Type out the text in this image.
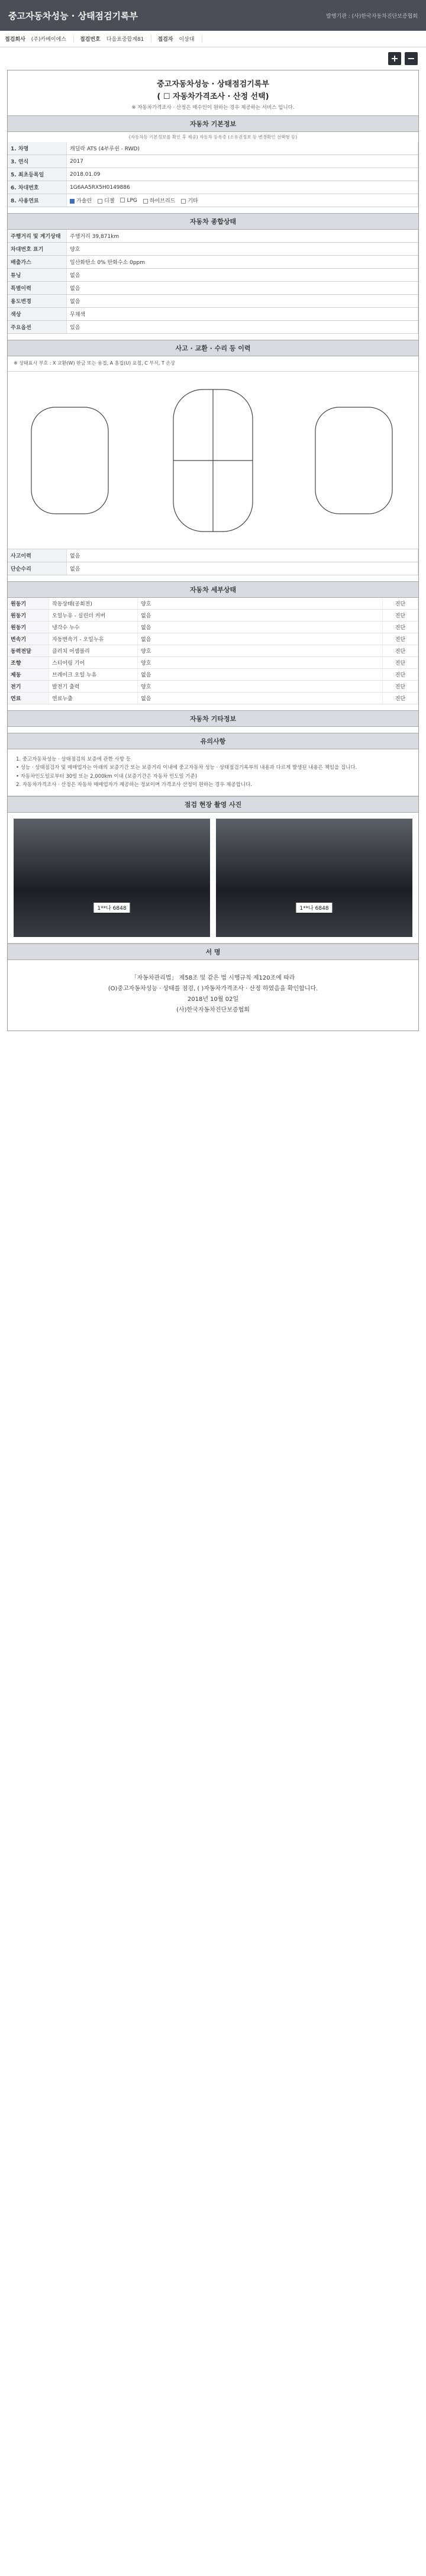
중고자동차성능 · 상태점검기록부	발행기관 : (사)한국자동차진단보증협회
접검회사 (주)카베이에스	접검번호 다음표중합계81	접검자 이상대
+ −
중고자동차성능 · 상태점검기록부
( ☐ 자동차가격조사 · 산정 선택)
※ 자동차가격조사 · 산정은 매수인이 원하는 경우 제공하는 서비스 입니다.
자동차 기본정보
(자동차등 기본정보를 확인 후 제공) 자동차 등록증 (소유권정보 등 변경확인 선택형 등)
1. 차명	캐딜락 ATS (4부루쉰 - RWD)
3. 연식	2017
5. 최초등록일	2018.01.09
6. 차대번호	1G6AA5RX5H0149886
8. 사용연료	가솔린	디젤	LPG	하이브리드	기타
자동차 종합상태
주행거리 및 계기상태	주행거리 39,871km
차대번호 표기	양호
배출가스	일산화탄소 0% 탄화수소 0ppm
튜닝	없음
특별이력	없음
용도변경	없음
색상	무채색
주요옵션	있음
사고 · 교환 · 수리 등 이력
※ 상태표시 부호 : X 교환(W) 판금 또는 용접, A 흠집(U) 요철, C 부식, T 손상
사고이력	없음
단순수리	없음
자동차 세부상태
원동기	작동상태(공회전)	양호	진단
원동기	오일누유 - 실린더 커버	없음	진단
원동기	냉각수 누수	없음	진단
변속기	자동변속기 - 오일누유	없음	진단
동력전달	클러치 어셈블리	양호	진단
조향	스티어링 기어	양호	진단
제동	브레이크 오일 누유	없음	진단
전기	발전기 출력	양호	진단
연료	연료누출	없음	진단
자동차 기타정보
유의사항
1. 중고자동차성능 · 상태점검의 보증에 관한 사항 등
• 성능 · 상태점검자 및 매매업자는 아래의 보증기간 또는 보증거리 이내에 중고자동차 성능 · 상태점검기록부의 내용과 다르게 발생된 내용은 책임을 집니다.
• 자동차인도일로부터 30일 또는 2,000km 이내 (보증기간은 자동차 인도일 기준)
2. 자동차가격조사 · 산정은 자동차 매매업자가 제공하는 정보이며 가격조사 산정이 원하는 경우 제공합니다.
점검 현장 촬영 사진
1**나 6848	1**나 6848
서 명
「자동차관리법」 제58조 및 같은 법 시행규칙 제120조에 따라
(O)중고자동차성능 · 상태를 점검, ( )자동차가격조사 · 산정 하였음을 확인합니다.
2018년 10월 02일
(사)한국자동차진단보증협회
